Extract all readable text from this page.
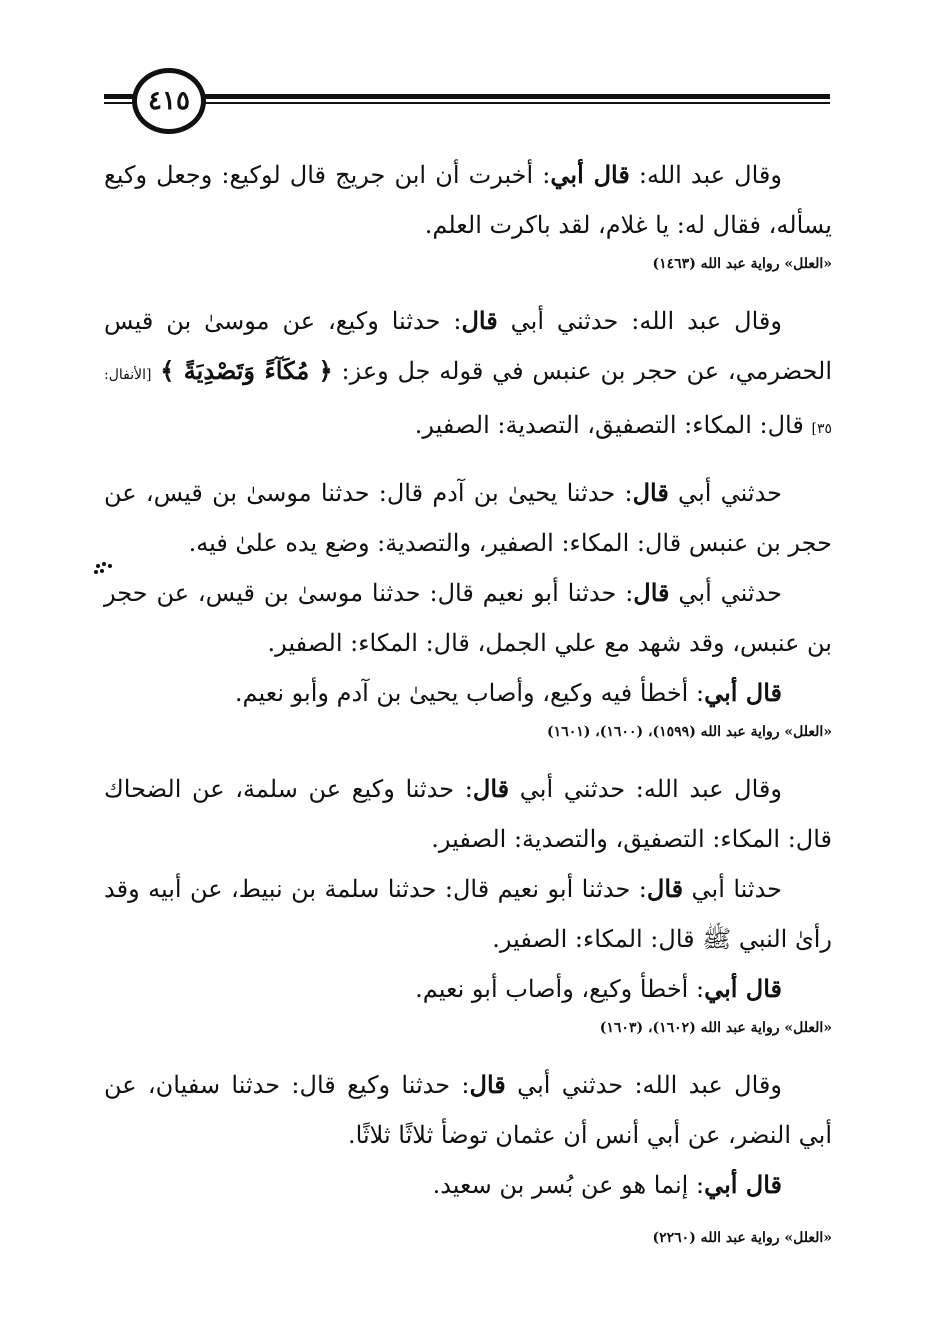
٤١٥

وقال عبد الله: قال أبي: أخبرت أن ابن جريج قال لوكيع: وجعل وكيع يسأله، فقال له: يا غلام، لقد باكرت العلم.

«العلل» رواية عبد الله (١٤٦٣)

وقال عبد الله: حدثني أبي قال: حدثنا وكيع، عن موسىٰ بن قيس الحضرمي، عن حجر بن عنبس في قوله جل وعز: ﴿ مُكَآءً وَتَصْدِيَةً ﴾ [الأنفال: ٣٥] قال: المكاء: التصفيق، التصدية: الصفير.

حدثني أبي قال: حدثنا يحيىٰ بن آدم قال: حدثنا موسىٰ بن قيس، عن حجر بن عنبس قال: المكاء: الصفير، والتصدية: وضع يده علىٰ فيه.

حدثني أبي قال: حدثنا أبو نعيم قال: حدثنا موسىٰ بن قيس، عن حجر بن عنبس، وقد شهد مع علي الجمل، قال: المكاء: الصفير.

قال أبي: أخطأ فيه وكيع، وأصاب يحيىٰ بن آدم وأبو نعيم.

«العلل» رواية عبد الله (١٥٩٩)، (١٦٠٠)، (١٦٠١)

وقال عبد الله: حدثني أبي قال: حدثنا وكيع عن سلمة، عن الضحاك قال: المكاء: التصفيق، والتصدية: الصفير.

حدثنا أبي قال: حدثنا أبو نعيم قال: حدثنا سلمة بن نبيط، عن أبيه وقد رأىٰ النبي ﷺ قال: المكاء: الصفير.

قال أبي: أخطأ وكيع، وأصاب أبو نعيم.

«العلل» رواية عبد الله (١٦٠٢)، (١٦٠٣)

وقال عبد الله: حدثني أبي قال: حدثنا وكيع قال: حدثنا سفيان، عن أبي النضر، عن أبي أنس أن عثمان توضأ ثلاثًا ثلاثًا.

قال أبي: إنما هو عن بُسر بن سعيد.

«العلل» رواية عبد الله (٢٢٦٠)
